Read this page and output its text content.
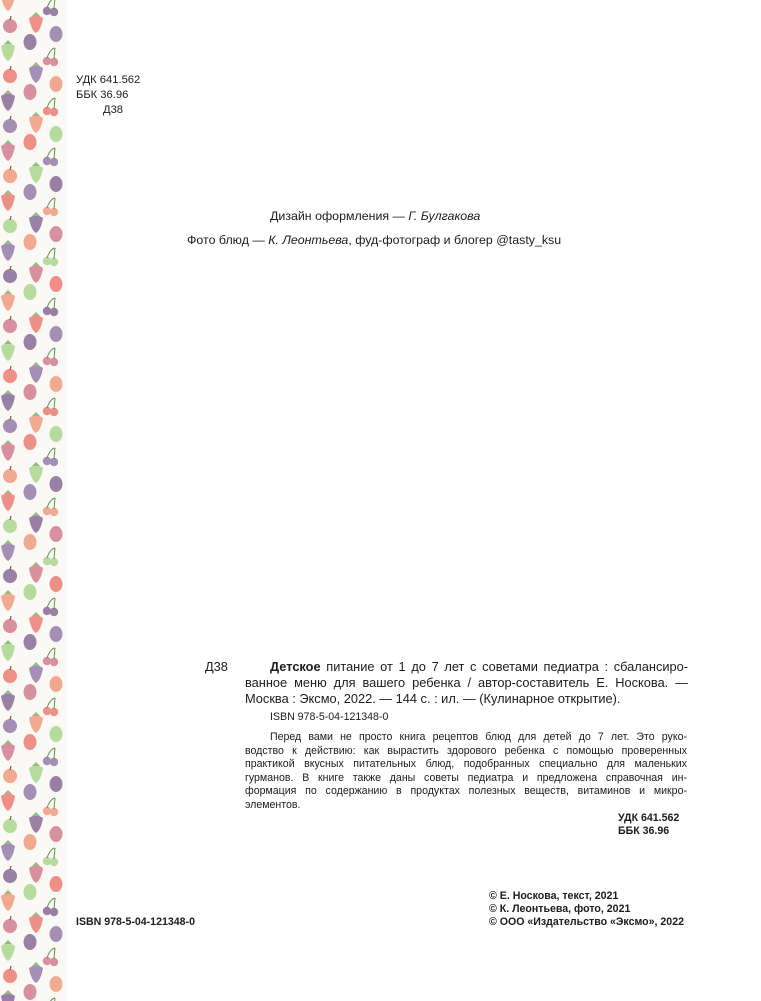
УДК 641.562
ББК 36.96
Д38
Дизайн оформления — Г. Булгакова
Фото блюд — К. Леонтьева, фуд-фотограф и блогер @tasty_ksu
Д38	Детское питание от 1 до 7 лет с советами педиатра : сбалансиро-
ванное меню для вашего ребенка / автор-составитель Е. Носкова. —
Москва : Эксмо, 2022. — 144 с. : ил. — (Кулинарное открытие).
ISBN 978-5-04-121348-0
Перед вами не просто книга рецептов блюд для детей до 7 лет. Это руко-
водство к действию: как вырастить здорового ребенка с помощью проверенных
практикой вкусных питательных блюд, подобранных специально для маленьких
гурманов. В книге также даны советы педиатра и предложена справочная ин-
формация по содержанию в продуктах полезных веществ, витаминов и микро-
элементов.
УДК 641.562
ББК 36.96
ISBN 978-5-04-121348-0
© Е. Носкова, текст, 2021
© К. Леонтьева, фото, 2021
© ООО «Издательство «Эксмо», 2022
